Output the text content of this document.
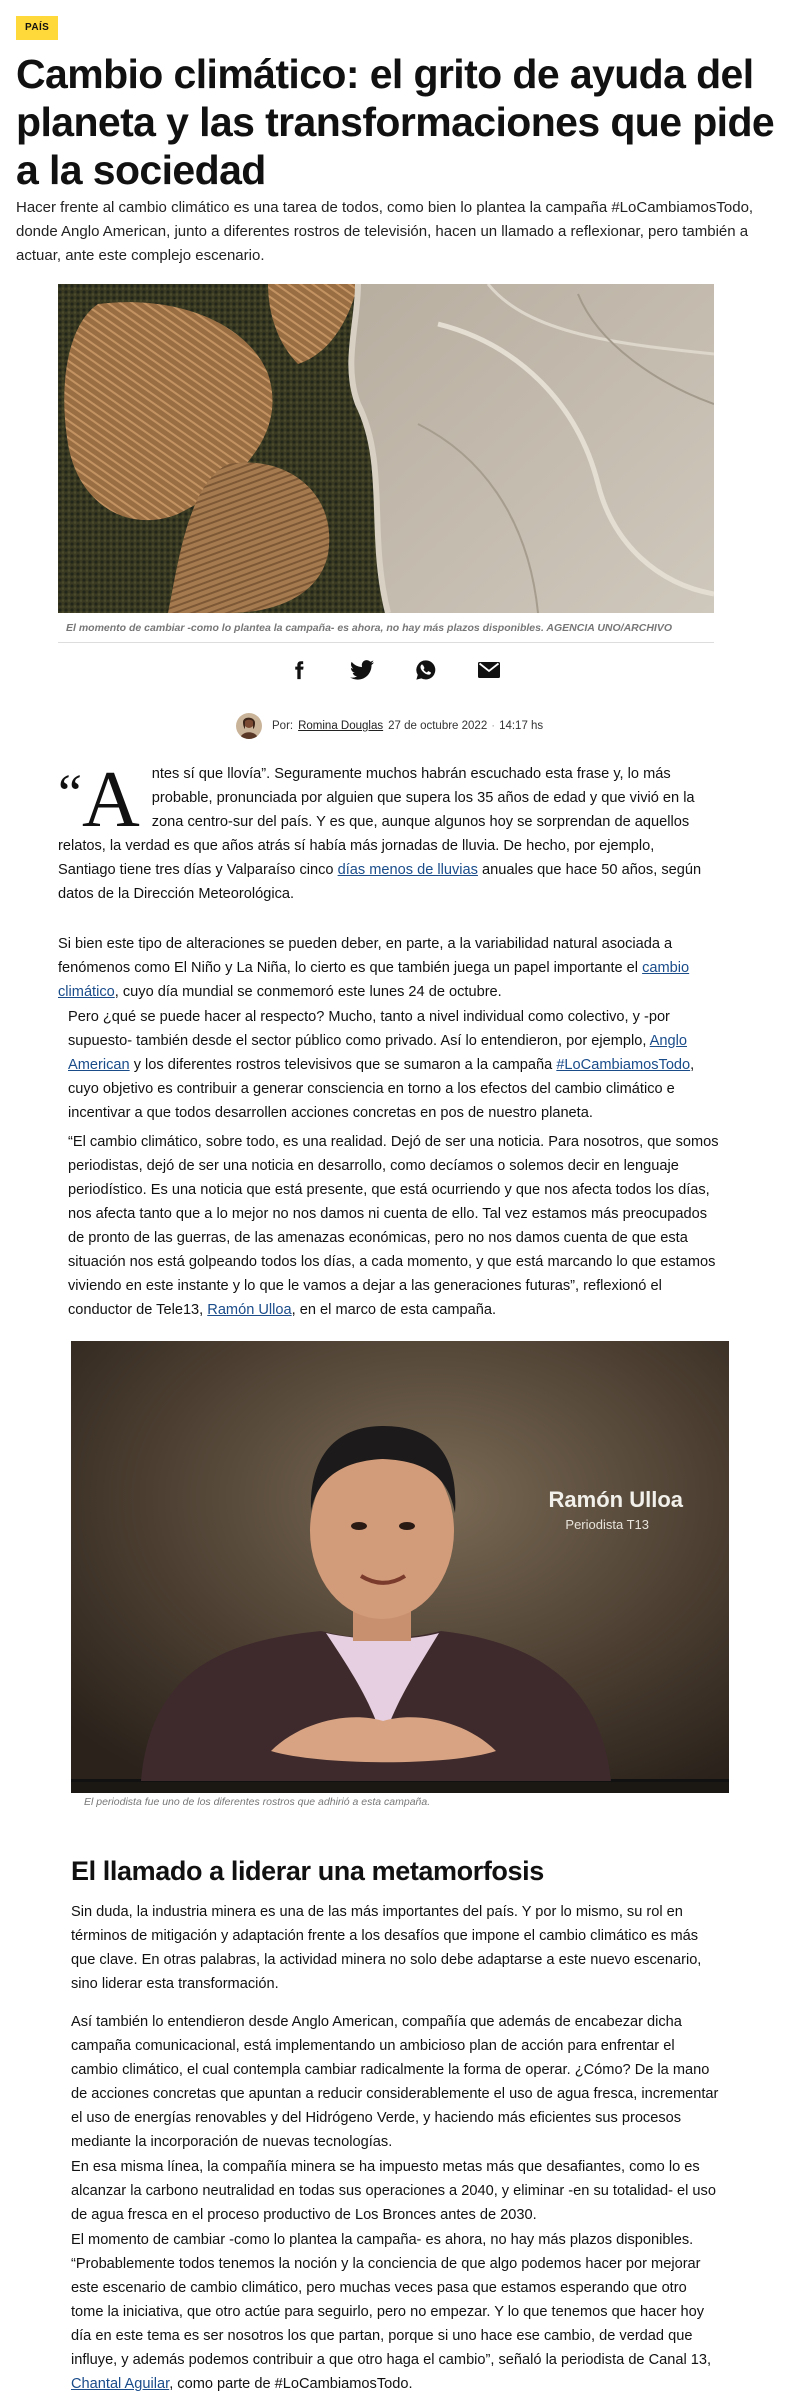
PAÍS
Cambio climático: el grito de ayuda del planeta y las transformaciones que pide a la sociedad

Hacer frente al cambio climático es una tarea de todos, como bien lo plantea la campaña #LoCambiamosTodo, donde Anglo American, junto a diferentes rostros de televisión, hacen un llamado a reflexionar, pero también a actuar, ante este complejo escenario.

El momento de cambiar -como lo plantea la campaña- es ahora, no hay más plazos disponibles. AGENCIA UNO/ARCHIVO
Por: Romina Douglas 27 de octubre 2022 · 14:17 hs
“A ntes sí que llovía”. Seguramente muchos habrán escuchado esta frase y, lo más probable, pronunciada por alguien que supera los 35 años de edad y que vivió en la zona centro-sur del país. Y es que, aunque algunos hoy se sorprendan de aquellos relatos, la verdad es que años atrás sí había más jornadas de lluvia. De hecho, por ejemplo, Santiago tiene tres días y Valparaíso cinco días menos de lluvias anuales que hace 50 años, según datos de la Dirección Meteorológica.

Si bien este tipo de alteraciones se pueden deber, en parte, a la variabilidad natural asociada a fenómenos como El Niño y La Niña, lo cierto es que también juega un papel importante el cambio climático, cuyo día mundial se conmemoró este lunes 24 de octubre.

Pero ¿qué se puede hacer al respecto? Mucho, tanto a nivel individual como colectivo, y -por supuesto- también desde el sector público como privado. Así lo entendieron, por ejemplo, Anglo American y los diferentes rostros televisivos que se sumaron a la campaña #LoCambiamosTodo, cuyo objetivo es contribuir a generar consciencia en torno a los efectos del cambio climático e incentivar a que todos desarrollen acciones concretas en pos de nuestro planeta.

“El cambio climático, sobre todo, es una realidad. Dejó de ser una noticia. Para nosotros, que somos periodistas, dejó de ser una noticia en desarrollo, como decíamos o solemos decir en lenguaje periodístico. Es una noticia que está presente, que está ocurriendo y que nos afecta todos los días, nos afecta tanto que a lo mejor no nos damos ni cuenta de ello. Tal vez estamos más preocupados de pronto de las guerras, de las amenazas económicas, pero no nos damos cuenta de que esta situación nos está golpeando todos los días, a cada momento, y que está marcando lo que estamos viviendo en este instante y lo que le vamos a dejar a las generaciones futuras”, reflexionó el conductor de Tele13, Ramón Ulloa, en el marco de esta campaña.

Ramón Ulloa
Periodista T13
El periodista fue uno de los diferentes rostros que adhirió a esta campaña.
El llamado a liderar una metamorfosis

Sin duda, la industria minera es una de las más importantes del país. Y por lo mismo, su rol en términos de mitigación y adaptación frente a los desafíos que impone el cambio climático es más que clave. En otras palabras, la actividad minera no solo debe adaptarse a este nuevo escenario, sino liderar esta transformación.

Así también lo entendieron desde Anglo American, compañía que además de encabezar dicha campaña comunicacional, está implementando un ambicioso plan de acción para enfrentar el cambio climático, el cual contempla cambiar radicalmente la forma de operar. ¿Cómo? De la mano de acciones concretas que apuntan a reducir considerablemente el uso de agua fresca, incrementar el uso de energías renovables y del Hidrógeno Verde, y haciendo más eficientes sus procesos mediante la incorporación de nuevas tecnologías.

En esa misma línea, la compañía minera se ha impuesto metas más que desafiantes, como lo es alcanzar la carbono neutralidad en todas sus operaciones a 2040, y eliminar -en su totalidad- el uso de agua fresca en el proceso productivo de Los Bronces antes de 2030.

El momento de cambiar -como lo plantea la campaña- es ahora, no hay más plazos disponibles. “Probablemente todos tenemos la noción y la conciencia de que algo podemos hacer por mejorar este escenario de cambio climático, pero muchas veces pasa que estamos esperando que otro tome la iniciativa, que otro actúe para seguirlo, pero no empezar. Y lo que tenemos que hacer hoy día en este tema es ser nosotros los que partan, porque si uno hace ese cambio, de verdad que influye, y además podemos contribuir a que otro haga el cambio”, señaló la periodista de Canal 13, Chantal Aguilar, como parte de #LoCambiamosTodo.
